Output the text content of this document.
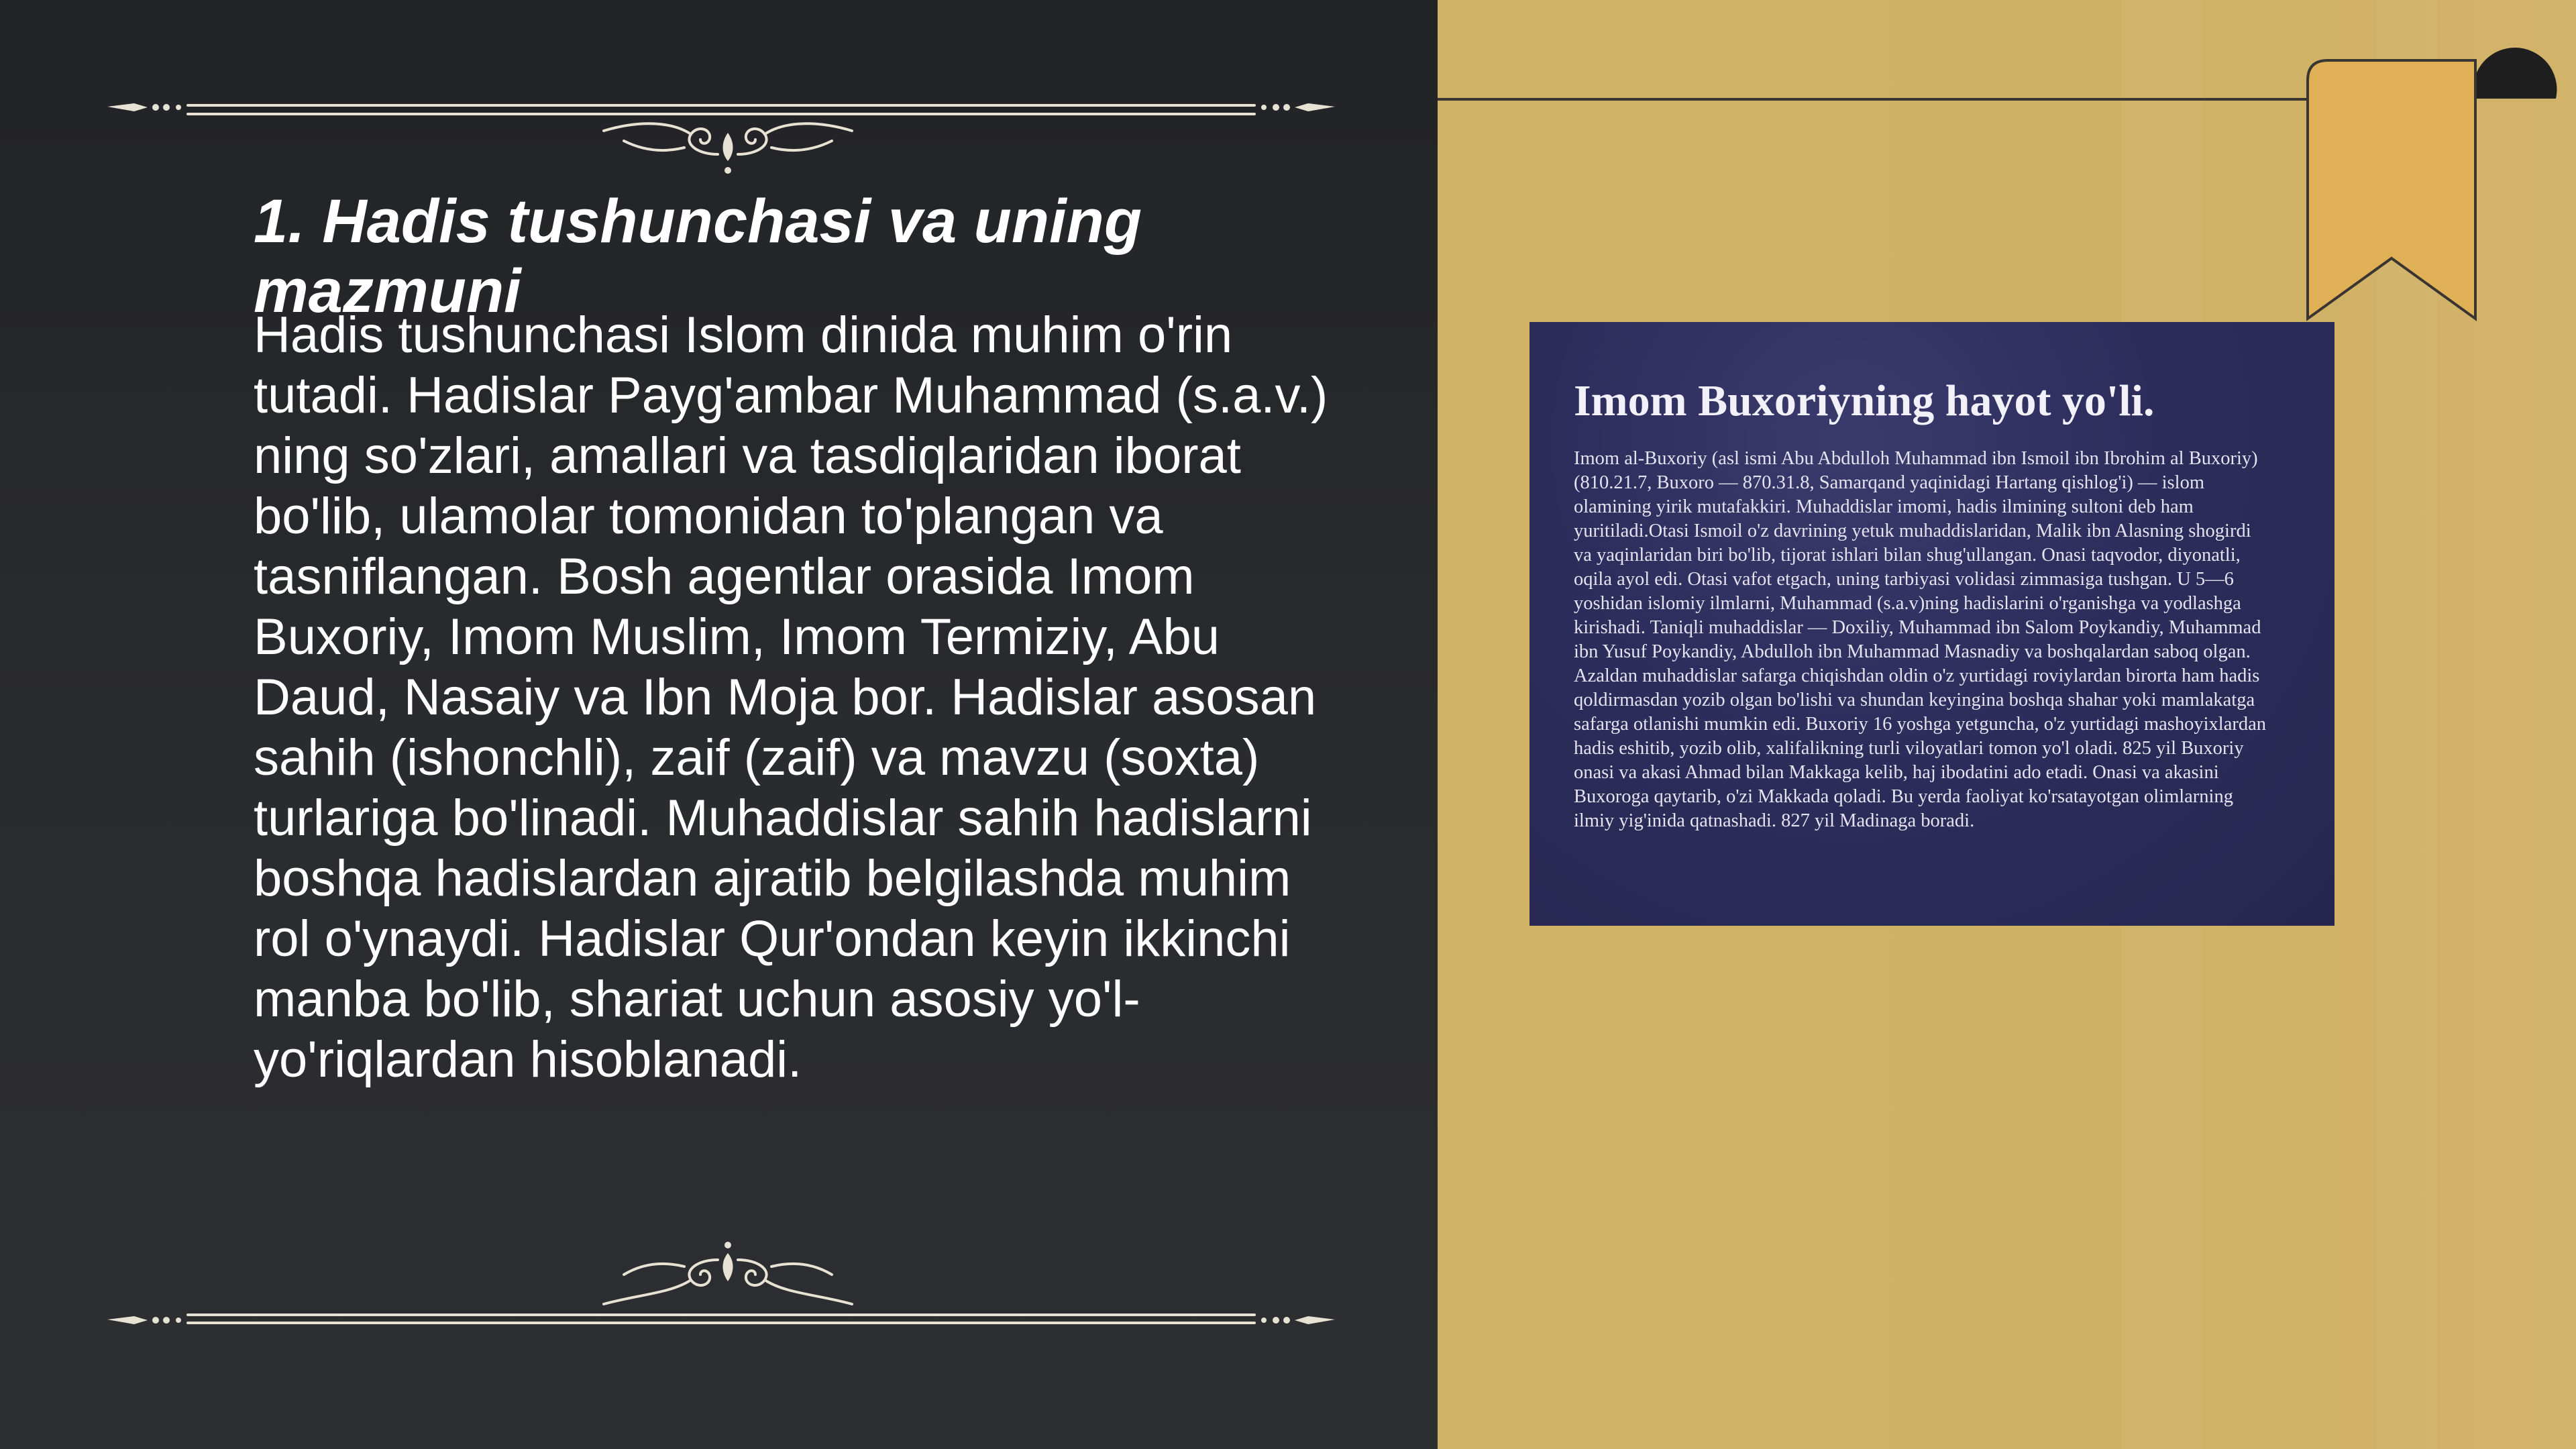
1. Hadis tushunchasi va uning mazmuni

Hadis tushunchasi Islom dinida muhim o'rin tutadi. Hadislar Payg'ambar Muhammad (s.a.v.) ning so'zlari, amallari va tasdiqlaridan iborat bo'lib, ulamolar tomonidan to'plangan va tasniflangan. Bosh agentlar orasida Imom Buxoriy, Imom Muslim, Imom Termiziy, Abu Daud, Nasaiy va Ibn Moja bor. Hadislar asosan sahih (ishonchli), zaif (zaif) va mavzu (soxta) turlariga bo'linadi. Muhaddislar sahih hadislarni boshqa hadislardan ajratib belgilashda muhim rol o'ynaydi. Hadislar Qur'ondan keyin ikkinchi manba bo'lib, shariat uchun asosiy yo'l-yo'riqlardan hisoblanadi.

Imom Buxoriyning hayot yo'li.

Imom al-Buxoriy (asl ismi Abu Abdulloh Muhammad ibn Ismoil ibn Ibrohim al Buxoriy) (810.21.7, Buxoro — 870.31.8, Samarqand yaqinidagi Hartang qishlog'i) — islom olamining yirik mutafakkiri. Muhaddislar imomi, hadis ilmining sultoni deb ham yuritiladi.Otasi Ismoil o'z davrining yetuk muhaddislaridan, Malik ibn Alasning shogirdi va yaqinlaridan biri bo'lib, tijorat ishlari bilan shug'ullangan. Onasi taqvodor, diyonatli, oqila ayol edi. Otasi vafot etgach, uning tarbiyasi volidasi zimmasiga tushgan. U 5—6 yoshidan islomiy ilmlarni, Muhammad (s.a.v)ning hadislarini o'rganishga va yodlashga kirishadi. Taniqli muhaddislar — Doxiliy, Muhammad ibn Salom Poykandiy, Muhammad ibn Yusuf Poykandiy, Abdulloh ibn Muhammad Masnadiy va boshqalardan saboq olgan. Azaldan muhaddislar safarga chiqishdan oldin o'z yurtidagi roviylardan birorta ham hadis qoldirmasdan yozib olgan bo'lishi va shundan keyingina boshqa shahar yoki mamlakatga safarga otlanishi mumkin edi. Buxoriy 16 yoshga yetguncha, o'z yurtidagi mashoyixlardan hadis eshitib, yozib olib, xalifalikning turli viloyatlari tomon yo'l oladi. 825 yil Buxoriy onasi va akasi Ahmad bilan Makkaga kelib, haj ibodatini ado etadi. Onasi va akasini Buxoroga qaytarib, o'zi Makkada qoladi. Bu yerda faoliyat ko'rsatayotgan olimlarning ilmiy yig'inida qatnashadi. 827 yil Madinaga boradi.
